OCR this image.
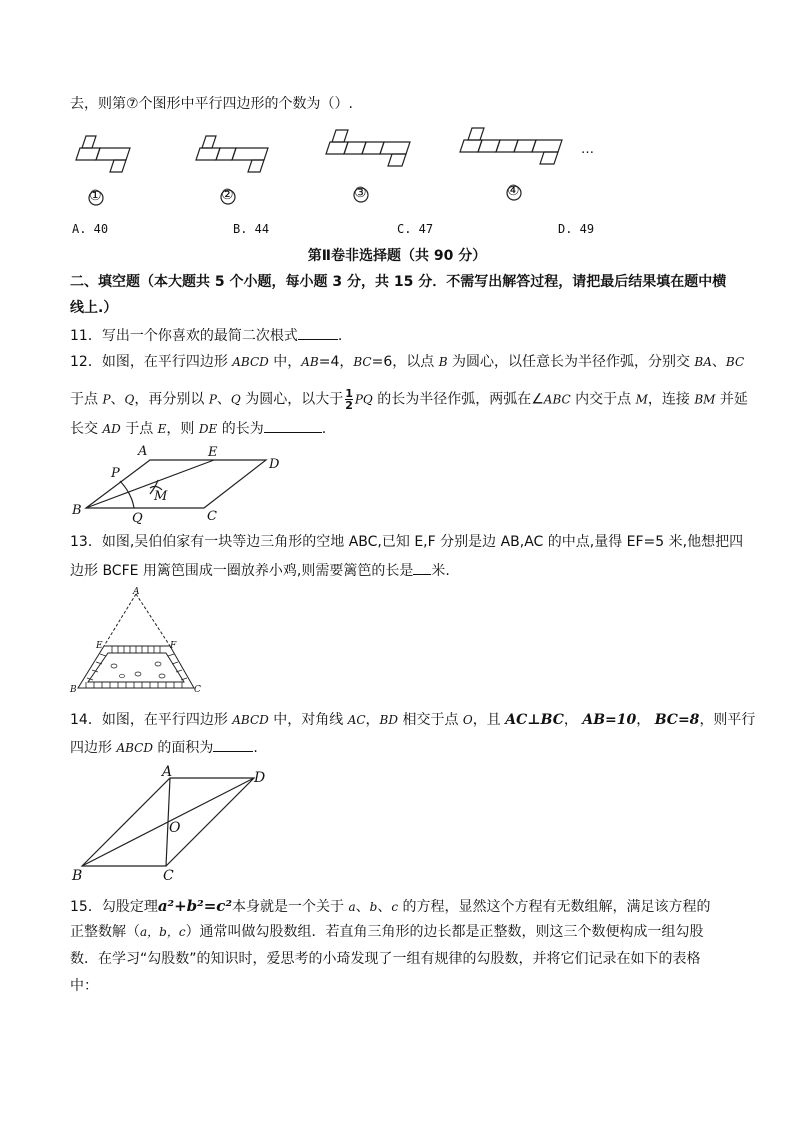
去，则第⑦个图形中平行四边形的个数为（）.
…
①	②	③	④
A. 40	B. 44	C. 47	D. 49
第Ⅱ卷非选择题（共 90 分）
二、填空题（本大题共 5 个小题，每小题 3 分，共 15 分．不需写出解答过程，请把最后结果填在题中横
线上.）
11．写出一个你喜欢的最简二次根式	.
12．如图，在平行四边形 ABCD 中，AB=4，BC=6，以点 B 为圆心，以任意长为半径作弧，分别交 BA、BC
于点 P、Q，再分别以 P、Q 为圆心，以大于 $\frac{1}{2}$ PQ 的长为半径作弧，两弧在∠ABC 内交于点 M，连接 BM 并延
长交 AD 于点 E，则 DE 的长为	.
A
B	C
D
E
P
Q
M
13．如图,吴伯伯家有一块等边三角形的空地 ABC,已知 E,F 分别是边 AB,AC 的中点,量得 EF=5 米,他想把四
边形 BCFE 用篱笆围成一圈放养小鸡,则需要篱笆的长是 米.
A
E	F
B	C
14．如图，在平行四边形 ABCD 中，对角线 AC，BD 相交于点 O，且 AC⊥BC， AB=10， BC=8，则平行
四边形 ABCD 的面积为	.
A
B	C
D
O
15．勾股定理a²+b²=c²本身就是一个关于 a、b、c 的方程，显然这个方程有无数组解，满足该方程的
正整数解（a，b，c）通常叫做勾股数组．若直角三角形的边长都是正整数，则这三个数便构成一组勾股
数．在学习“勾股数”的知识时，爱思考的小琦发现了一组有规律的勾股数，并将它们记录在如下的表格
中：
